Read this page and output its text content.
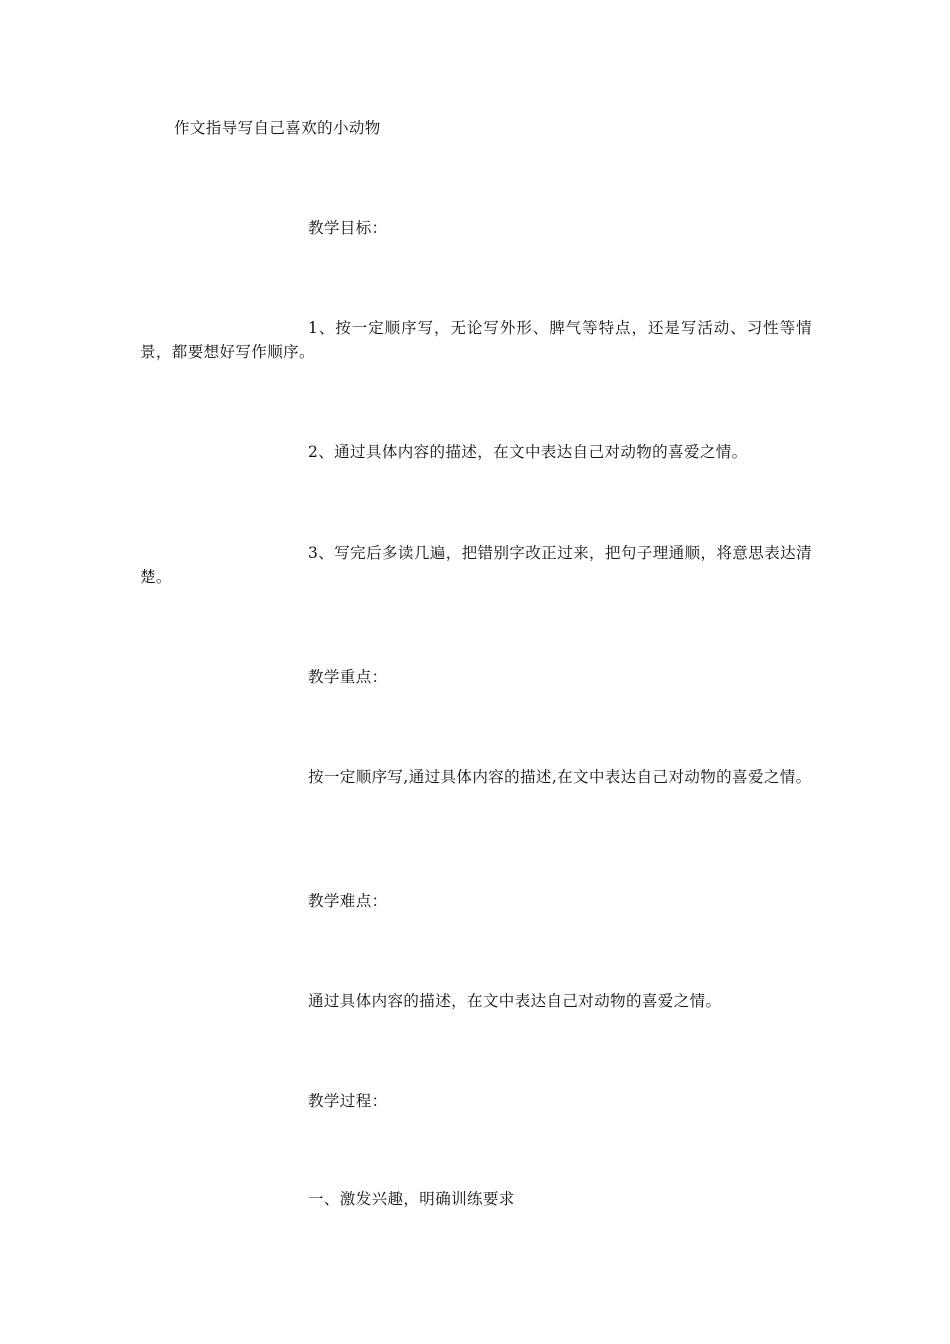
作文指导写自己喜欢的小动物
教学目标：
1、按一定顺序写，无论写外形、脾气等特点，还是写活动、习性等情景，都要想好写作顺序。
2、通过具体内容的描述，在文中表达自己对动物的喜爱之情。
3、写完后多读几遍，把错别字改正过来，把句子理通顺，将意思表达清楚。
教学重点：
按一定顺序写,通过具体内容的描述,在文中表达自己对动物的喜爱之情。
教学难点：
通过具体内容的描述，在文中表达自己对动物的喜爱之情。
教学过程：
一、激发兴趣，明确训练要求
